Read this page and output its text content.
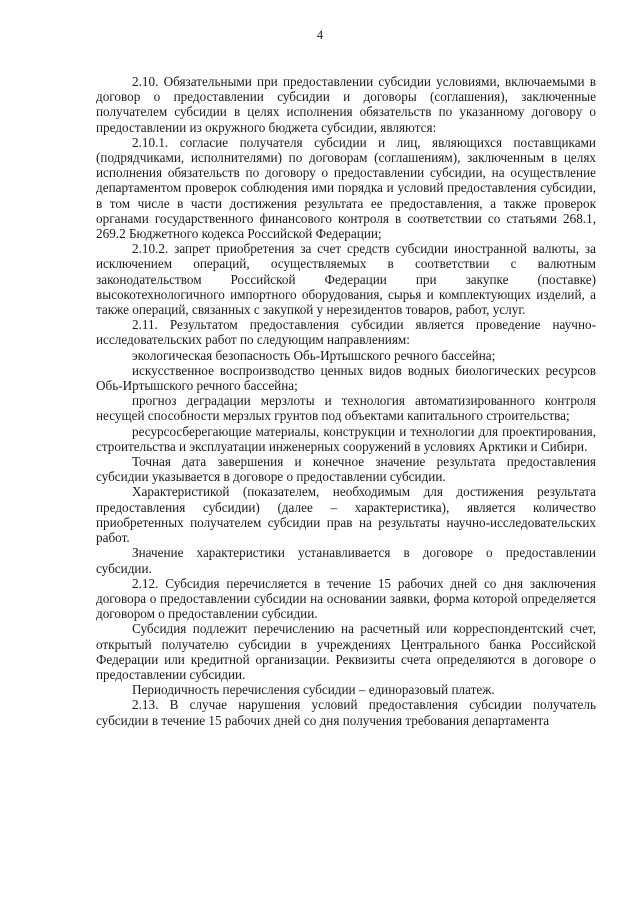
4

2.10. Обязательными при предоставлении субсидии условиями, включаемыми в договор о предоставлении субсидии и договоры (соглашения), заключенные получателем субсидии в целях исполнения обязательств по указанному договору о предоставлении из окружного бюджета субсидии, являются:

2.10.1. согласие получателя субсидии и лиц, являющихся поставщиками (подрядчиками, исполнителями) по договорам (соглашениям), заключенным в целях исполнения обязательств по договору о предоставлении субсидии, на осуществление департаментом проверок соблюдения ими порядка и условий предоставления субсидии, в том числе в части достижения результата ее предоставления, а также проверок органами государственного финансового контроля в соответствии со статьями 268.1, 269.2 Бюджетного кодекса Российской Федерации;

2.10.2. запрет приобретения за счет средств субсидии иностранной валюты, за исключением операций, осуществляемых в соответствии с валютным законодательством Российской Федерации при закупке (поставке) высокотехнологичного импортного оборудования, сырья и комплектующих изделий, а также операций, связанных с закупкой у нерезидентов товаров, работ, услуг.

2.11. Результатом предоставления субсидии является проведение научно-исследовательских работ по следующим направлениям:

экологическая безопасность Обь-Иртышского речного бассейна;

искусственное воспроизводство ценных видов водных биологических ресурсов Обь-Иртышского речного бассейна;

прогноз деградации мерзлоты и технология автоматизированного контроля несущей способности мерзлых грунтов под объектами капитального строительства;

ресурсосберегающие материалы, конструкции и технологии для проектирования, строительства и эксплуатации инженерных сооружений в условиях Арктики и Сибири.

Точная дата завершения и конечное значение результата предоставления субсидии указывается в договоре о предоставлении субсидии.

Характеристикой (показателем, необходимым для достижения результата предоставления субсидии) (далее – характеристика), является количество приобретенных получателем субсидии прав на результаты научно-исследовательских работ.

Значение характеристики устанавливается в договоре о предоставлении субсидии.

2.12. Субсидия перечисляется в течение 15 рабочих дней со дня заключения договора о предоставлении субсидии на основании заявки, форма которой определяется договором о предоставлении субсидии.

Субсидия подлежит перечислению на расчетный или корреспондентский счет, открытый получателю субсидии в учреждениях Центрального банка Российской Федерации или кредитной организации. Реквизиты счета определяются в договоре о предоставлении субсидии.

Периодичность перечисления субсидии – единоразовый платеж.

2.13. В случае нарушения условий предоставления субсидии получатель субсидии в течение 15 рабочих дней со дня получения требования департамента
